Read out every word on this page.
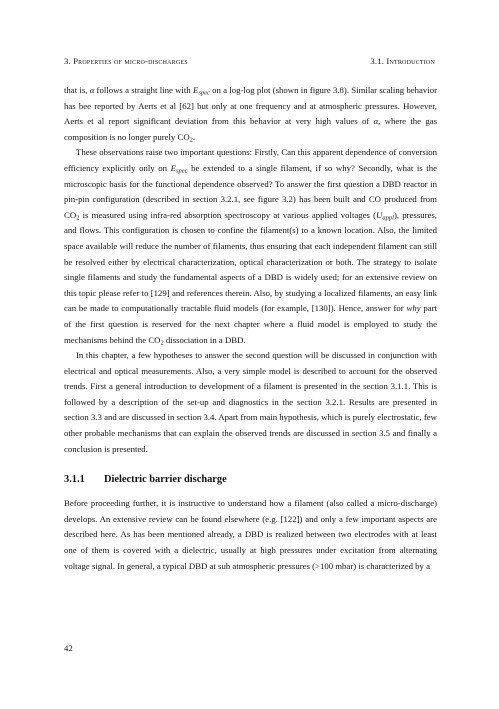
3. Properties of micro-discharges	3.1. Introduction

that is, α follows a straight line with $E_{spec}$ on a log-log plot (shown in figure 3.8). Similar scaling behavior has bee reported by Aerts et al [62] but only at one frequency and at atmospheric pressures. However, Aerts et al report significant deviation from this behavior at very high values of α, where the gas composition is no longer purely $CO_2$.

These observations raise two important questions: Firstly, Can this apparent dependence of conversion efficiency explicitly only on $E_{spec}$ be extended to a single filament, if so why? Secondly, what is the microscopic basis for the functional dependence observed? To answer the first question a DBD reactor in pin-pin configuration (described in section 3.2.1, see figure 3.2) has been built and CO produced from $CO_2$ is measured using infra-red absorption spectroscopy at various applied voltages $(U_{appl})$, pressures, and flows. This configuration is chosen to confine the filament(s) to a known location. Also, the limited space available will reduce the number of filaments, thus ensuring that each independent filament can still be resolved either by electrical characterization, optical characterization or both. The strategy to isolate single filaments and study the fundamental aspects of a DBD is widely used; for an extensive review on this topic please refer to [129] and references therein. Also, by studying a localized filaments, an easy link can be made to computationally tractable fluid models (for example, [130]). Hence, answer for why part of the first question is reserved for the next chapter where a fluid model is employed to study the mechanisms behind the $CO_2$ dissociation in a DBD.

In this chapter, a few hypotheses to answer the second question will be discussed in conjunction with electrical and optical measurements. Also, a very simple model is described to account for the observed trends. First a general introduction to development of a filament is presented in the section 3.1.1. This is followed by a description of the set-up and diagnostics in the section 3.2.1. Results are presented in section 3.3 and are discussed in section 3.4. Apart from main hypothesis, which is purely electrostatic, few other probable mechanisms that can explain the observed trends are discussed in section 3.5 and finally a conclusion is presented.

3.1.1 Dielectric barrier discharge

Before proceeding further, it is instructive to understand how a filament (also called a micro-discharge) develops. An extensive review can be found elsewhere (e.g. [122]) and only a few important aspects are described here. As has been mentioned already, a DBD is realized between two electrodes with at least one of them is covered with a dielectric, usually at high pressures under excitation from alternating voltage signal. In general, a typical DBD at sub atmospheric pressures (>100 mbar) is characterized by a

42
